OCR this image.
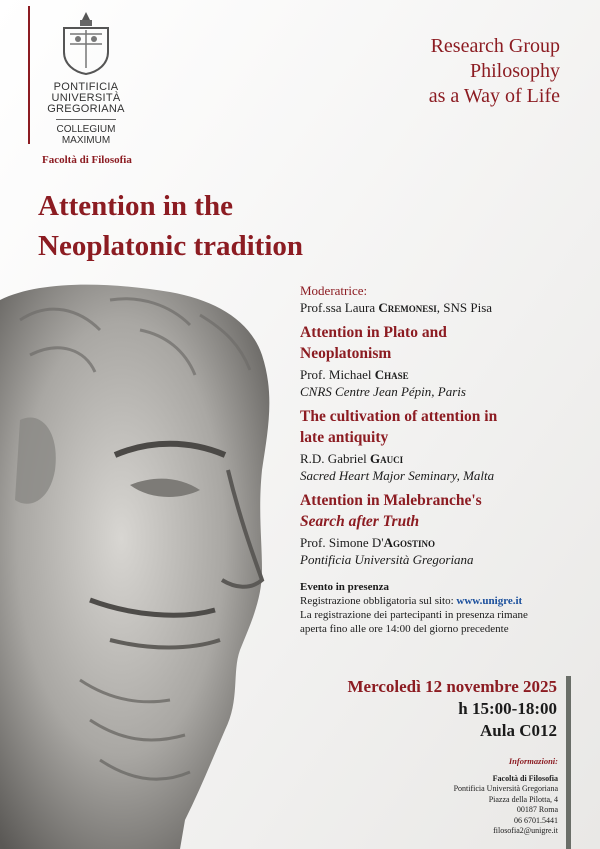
PONTIFICIA
UNIVERSITÀ
GREGORIANA
COLLEGIUM
MAXIMUM
Facoltà di Filosofia
Research Group
Philosophy
as a Way of Life
Attention in the
Neoplatonic tradition
Moderatrice:
Prof.ssa Laura Cremonesi, SNS Pisa
Attention in Plato and
Neoplatonism
Prof. Michael Chase
CNRS Centre Jean Pépin, Paris
The cultivation of attention in
late antiquity
R.D. Gabriel Gauci
Sacred Heart Major Seminary, Malta
Attention in Malebranche's
Search after Truth
Prof. Simone D'Agostino
Pontificia Università Gregoriana
Evento in presenza
Registrazione obbligatoria sul sito: www.unigre.it
La registrazione dei partecipanti in presenza rimane
aperta fino alle ore 14:00 del giorno precedente
Mercoledì 12 novembre 2025
h 15:00-18:00
Aula C012
Informazioni:
Facoltà di Filosofia
Pontificia Università Gregoriana
Piazza della Pilotta, 4
00187 Roma
06 6701.5441
filosofia2@unigre.it
